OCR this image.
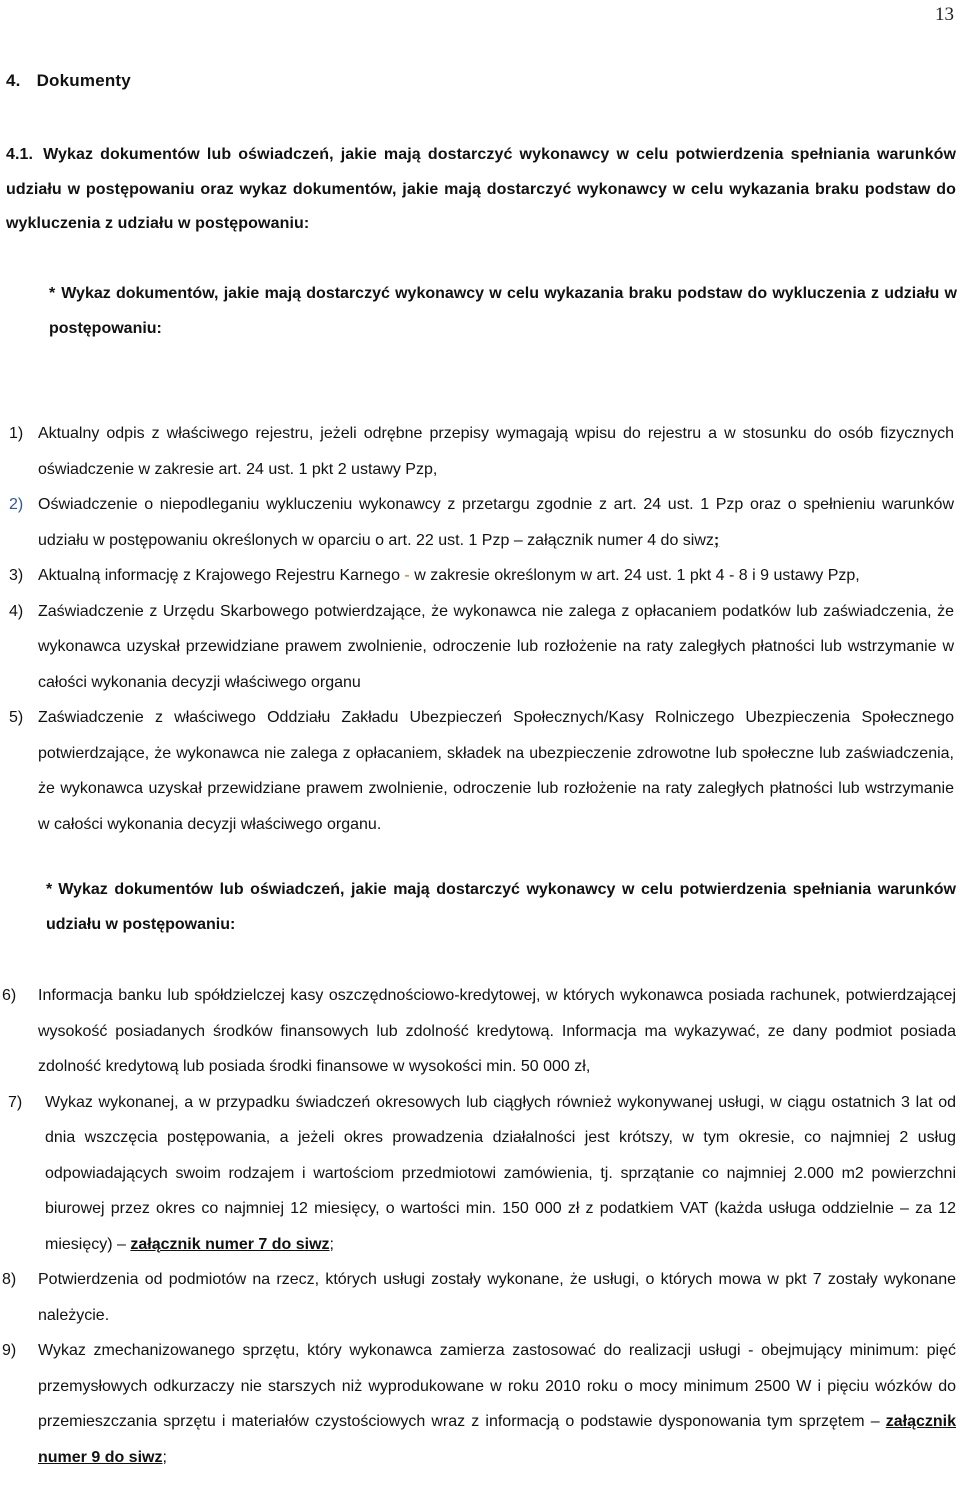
13
4. Dokumenty
4.1. Wykaz dokumentów lub oświadczeń, jakie mają dostarczyć wykonawcy w celu potwierdzenia spełniania warunków udziału w postępowaniu oraz wykaz dokumentów, jakie mają dostarczyć wykonawcy w celu wykazania braku podstaw do wykluczenia z udziału w postępowaniu:
* Wykaz dokumentów, jakie mają dostarczyć wykonawcy w celu wykazania braku podstaw do wykluczenia z udziału w postępowaniu:
1) Aktualny odpis z właściwego rejestru, jeżeli odrębne przepisy wymagają wpisu do rejestru a w stosunku do osób fizycznych oświadczenie w zakresie art. 24 ust. 1 pkt 2 ustawy Pzp,
2) Oświadczenie o niepodleganiu wykluczeniu wykonawcy z przetargu zgodnie z art. 24 ust. 1 Pzp oraz o spełnieniu warunków udziału w postępowaniu określonych w oparciu o art. 22 ust. 1 Pzp – załącznik numer 4 do siwz;
3) Aktualną informację z Krajowego Rejestru Karnego - w zakresie określonym w art. 24 ust. 1 pkt 4 - 8 i 9 ustawy Pzp,
4) Zaświadczenie z Urzędu Skarbowego potwierdzające, że wykonawca nie zalega z opłacaniem podatków lub zaświadczenia, że wykonawca uzyskał przewidziane prawem zwolnienie, odroczenie lub rozłożenie na raty zaległych płatności lub wstrzymanie w całości wykonania decyzji właściwego organu
5) Zaświadczenie z właściwego Oddziału Zakładu Ubezpieczeń Społecznych/Kasy Rolniczego Ubezpieczenia Społecznego potwierdzające, że wykonawca nie zalega z opłacaniem, składek na ubezpieczenie zdrowotne lub społeczne lub zaświadczenia, że wykonawca uzyskał przewidziane prawem zwolnienie, odroczenie lub rozłożenie na raty zaległych płatności lub wstrzymanie w całości wykonania decyzji właściwego organu.
* Wykaz dokumentów lub oświadczeń, jakie mają dostarczyć wykonawcy w celu potwierdzenia spełniania warunków udziału w postępowaniu:
6)	Informacja banku lub spółdzielczej kasy oszczędnościowo-kredytowej, w których wykonawca posiada rachunek, potwierdzającej wysokość posiadanych środków finansowych lub zdolność kredytową. Informacja ma wykazywać, ze dany podmiot posiada zdolność kredytową lub posiada środki finansowe w wysokości min. 50 000 zł,
7)	Wykaz wykonanej, a w przypadku świadczeń okresowych lub ciągłych również wykonywanej usługi, w ciągu ostatnich 3 lat od dnia wszczęcia postępowania, a jeżeli okres prowadzenia działalności jest krótszy, w tym okresie, co najmniej 2 usług odpowiadających swoim rodzajem i wartościom przedmiotowi zamówienia, tj. sprzątanie co najmniej 2.000 m2 powierzchni biurowej przez okres co najmniej 12 miesięcy, o wartości min. 150 000 zł z podatkiem VAT (każda usługa oddzielnie – za 12 miesięcy) – załącznik numer 7 do siwz;
8)	Potwierdzenia od podmiotów na rzecz, których usługi zostały wykonane, że usługi, o których mowa w pkt 7 zostały wykonane należycie.
9)	Wykaz zmechanizowanego sprzętu, który wykonawca zamierza zastosować do realizacji usługi - obejmujący minimum: pięć przemysłowych odkurzaczy nie starszych niż wyprodukowane w roku 2010 roku o mocy minimum 2500 W i pięciu wózków do przemieszczania sprzętu i materiałów czystościowych wraz z informacją o podstawie dysponowania tym sprzętem – załącznik numer 9 do siwz;
